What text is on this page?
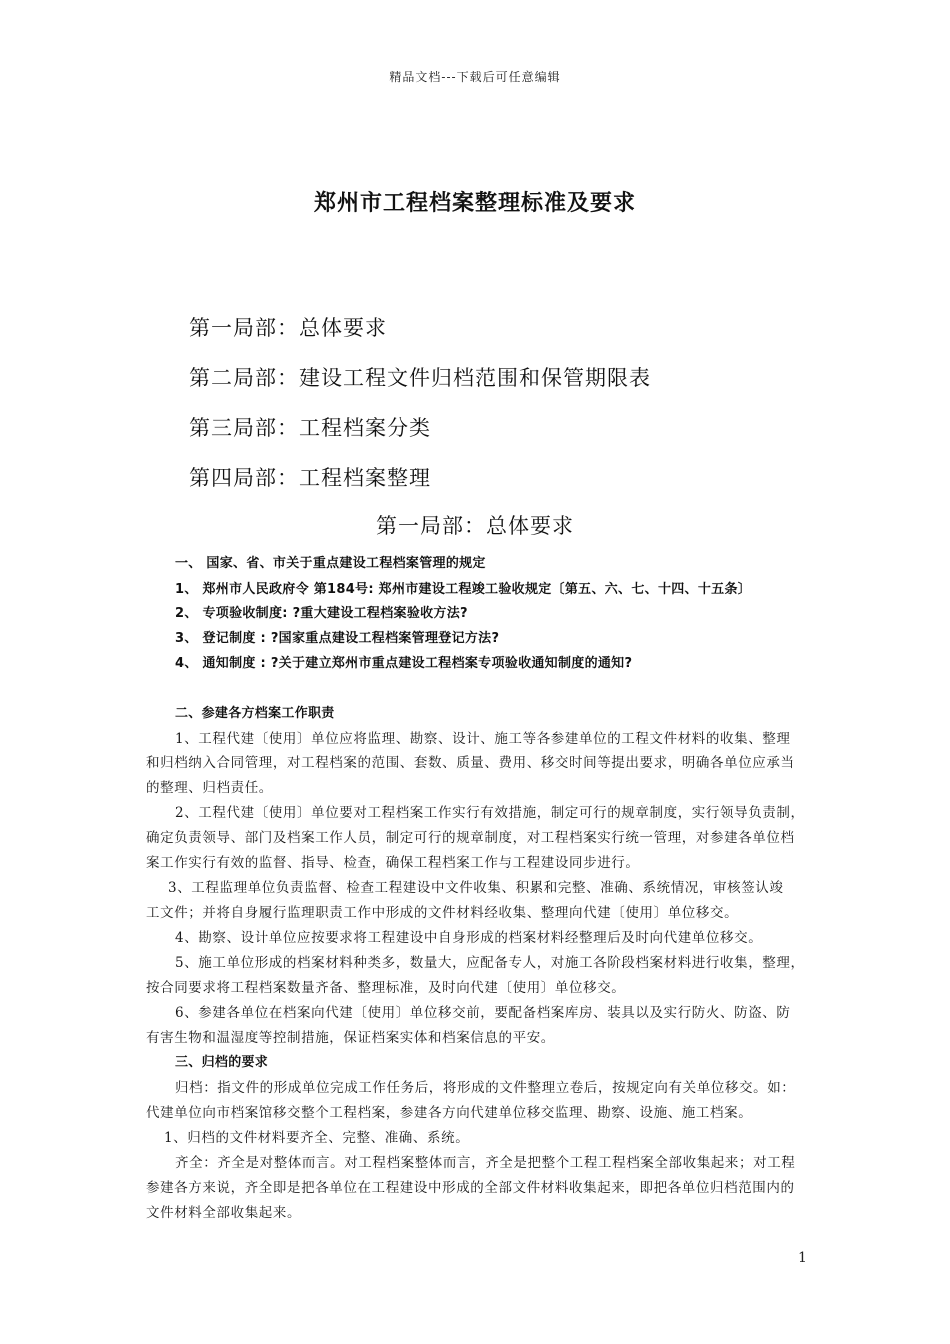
精品文档---下载后可任意编辑
郑州市工程档案整理标准及要求
第一局部：总体要求
第二局部：建设工程文件归档范围和保管期限表
第三局部：工程档案分类
第四局部：工程档案整理
第一局部：总体要求
一、 国家、省、市关于重点建设工程档案管理的规定
1、 郑州市人民政府令 第184号: 郑州市建设工程竣工验收规定〔第五、六、七、十四、十五条〕
2、 专项验收制度: ?重大建设工程档案验收方法?
3、 登记制度 : ?国家重点建设工程档案管理登记方法?
4、 通知制度 : ?关于建立郑州市重点建设工程档案专项验收通知制度的通知?
二、参建各方档案工作职责
1、工程代建〔使用〕单位应将监理、勘察、设计、施工等各参建单位的工程文件材料的收集、整理
和归档纳入合同管理，对工程档案的范围、套数、质量、费用、移交时间等提出要求，明确各单位应承当
的整理、归档责任。
2、工程代建〔使用〕单位要对工程档案工作实行有效措施，制定可行的规章制度，实行领导负责制，
确定负责领导、部门及档案工作人员，制定可行的规章制度，对工程档案实行统一管理，对参建各单位档
案工作实行有效的监督、指导、检查，确保工程档案工作与工程建设同步进行。
3、工程监理单位负责监督、检查工程建设中文件收集、积累和完整、准确、系统情况，审核签认竣
工文件；并将自身履行监理职责工作中形成的文件材料经收集、整理向代建〔使用〕单位移交。
4、勘察、设计单位应按要求将工程建设中自身形成的档案材料经整理后及时向代建单位移交。
5、施工单位形成的档案材料种类多，数量大，应配备专人，对施工各阶段档案材料进行收集，整理，
按合同要求将工程档案数量齐备、整理标准，及时向代建〔使用〕单位移交。
6、参建各单位在档案向代建〔使用〕单位移交前，要配备档案库房、装具以及实行防火、防盗、防
有害生物和温湿度等控制措施，保证档案实体和档案信息的平安。
三、归档的要求
归档：指文件的形成单位完成工作任务后，将形成的文件整理立卷后，按规定向有关单位移交。如：
代建单位向市档案馆移交整个工程档案，参建各方向代建单位移交监理、勘察、设施、施工档案。
1、归档的文件材料要齐全、完整、准确、系统。
齐全：齐全是对整体而言。对工程档案整体而言，齐全是把整个工程工程档案全部收集起来；对工程
参建各方来说，齐全即是把各单位在工程建设中形成的全部文件材料收集起来，即把各单位归档范围内的
文件材料全部收集起来。
1
